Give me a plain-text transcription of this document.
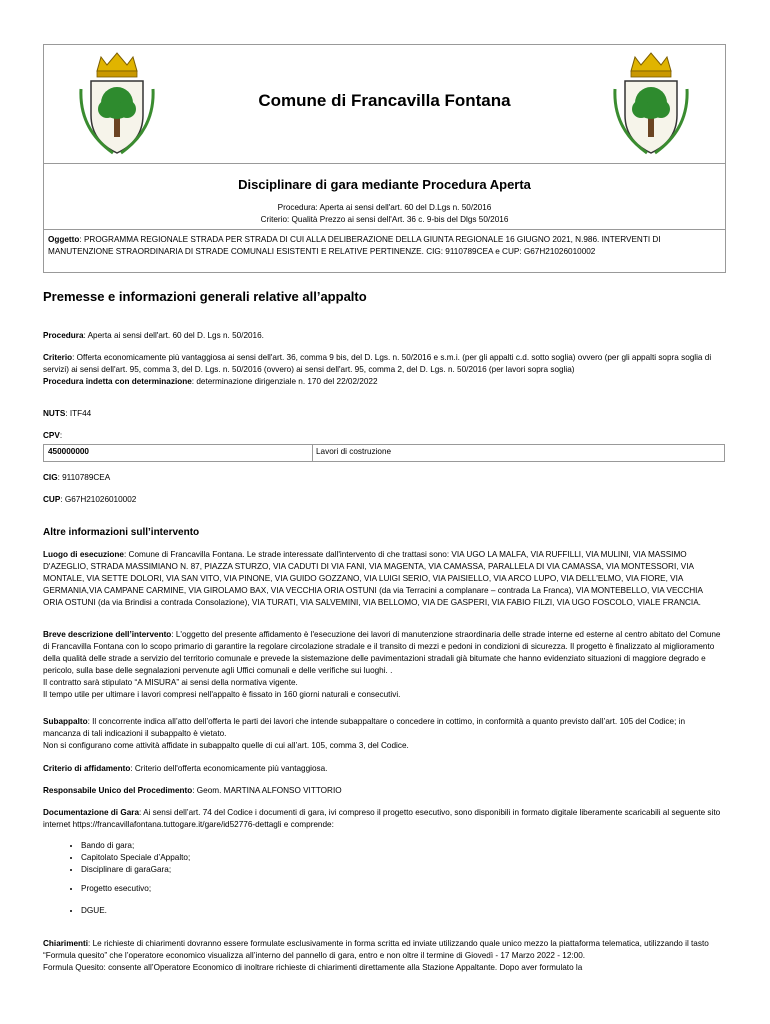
Comune di Francavilla Fontana
Disciplinare di gara mediante Procedura Aperta
Procedura: Aperta ai sensi dell'art. 60 del D.Lgs n. 50/2016
Criterio: Qualità Prezzo ai sensi dell'Art. 36 c. 9-bis del Dlgs 50/2016
Oggetto: PROGRAMMA REGIONALE STRADA PER STRADA DI CUI ALLA DELIBERAZIONE DELLA GIUNTA REGIONALE 16 GIUGNO 2021, N.986. INTERVENTI DI MANUTENZIONE STRAORDINARIA DI STRADE COMUNALI ESISTENTI E RELATIVE PERTINENZE. CIG: 9110789CEA e CUP: G67H21026010002
Premesse e informazioni generali relative all’appalto
Procedura: Aperta ai sensi dell'art. 60 del D. Lgs n. 50/2016.
Criterio: Offerta economicamente più vantaggiosa ai sensi dell'art. 36, comma 9 bis, del D. Lgs. n. 50/2016 e s.m.i. (per gli appalti c.d. sotto soglia) ovvero (per gli appalti sopra soglia di servizi) ai sensi dell'art. 95, comma 3, del D. Lgs. n. 50/2016 (ovvero) ai sensi dell'art. 95, comma 2, del D. Lgs. n. 50/2016 (per lavori sopra soglia)
Procedura indetta con determinazione: determinazione dirigenziale n. 170 del 22/02/2022
NUTS: ITF44
CPV:
450000000	Lavori di costruzione
CIG: 9110789CEA
CUP: G67H21026010002
Altre informazioni sull’intervento
Luogo di esecuzione: Comune di Francavilla Fontana. Le strade interessate dall'intervento di che trattasi sono: VIA UGO LA MALFA, VIA RUFFILLI, VIA MULINI, VIA MASSIMO D'AZEGLIO, STRADA MASSIMIANO N. 87, PIAZZA STURZO, VIA CADUTI DI VIA FANI, VIA MAGENTA, VIA CAMASSA, PARALLELA DI VIA CAMASSA, VIA MONTESSORI, VIA MONTALE, VIA SETTE DOLORI, VIA SAN VITO, VIA PINONE, VIA GUIDO GOZZANO, VIA LUIGI SERIO, VIA PAISIELLO, VIA ARCO LUPO, VIA DELL'ELMO, VIA FIORE, VIA GERMANIA,VIA CAMPANE CARMINE, VIA GIROLAMO BAX, VIA VECCHIA ORIA OSTUNI (da via Terracini a complanare – contrada La Franca), VIA MONTEBELLO, VIA VECCHIA ORIA OSTUNI (da via Brindisi a contrada Consolazione), VIA TURATI, VIA SALVEMINI, VIA BELLOMO, VIA DE GASPERI, VIA FABIO FILZI, VIA UGO FOSCOLO, VIALE FRANCIA.
Breve descrizione dell’intervento: L'oggetto del presente affidamento è l'esecuzione dei lavori di manutenzione straordinaria delle strade interne ed esterne al centro abitato del Comune di Francavilla Fontana con lo scopo primario di garantire la regolare circolazione stradale e il transito di mezzi e pedoni in condizioni di sicurezza. Il progetto è finalizzato al miglioramento della qualità delle strade a servizio del territorio comunale e prevede la sistemazione delle pavimentazioni stradali già bitumate che hanno evidenziato situazioni di maggiore degrado e pericolo, sulla base delle segnalazioni pervenute agli Uffici comunali e delle verifiche sui luoghi. .
Il contratto sarà stipulato “A MISURA” ai sensi della normativa vigente.
Il tempo utile per ultimare i lavori compresi nell'appalto è fissato in 160 giorni naturali e consecutivi.
Subappalto: Il concorrente indica all’atto dell’offerta le parti dei lavori che intende subappaltare o concedere in cottimo, in conformità a quanto previsto dall’art. 105 del Codice; in mancanza di tali indicazioni il subappalto è vietato.
Non si configurano come attività affidate in subappalto quelle di cui all’art. 105, comma 3, del Codice.
Criterio di affidamento: Criterio dell'offerta economicamente più vantaggiosa.
Responsabile Unico del Procedimento: Geom. MARTINA ALFONSO VITTORIO
Documentazione di Gara: Ai sensi dell’art. 74 del Codice i documenti di gara, ivi compreso il progetto esecutivo, sono disponibili in formato digitale liberamente scaricabili al seguente sito internet https://francavillafontana.tuttogare.it/gare/id52776-dettagli e comprende:
• Bando di gara;
• Capitolato Speciale d’Appalto;
• Disciplinare di garaGara;
• Progetto esecutivo;
• DGUE.
Chiarimenti: Le richieste di chiarimenti dovranno essere formulate esclusivamente in forma scritta ed inviate utilizzando quale unico mezzo la piattaforma telematica, utilizzando il tasto “Formula quesito” che l’operatore economico visualizza all’interno del pannello di gara, entro e non oltre il termine di Giovedì - 17 Marzo 2022 - 12:00.
Formula Quesito: consente all’Operatore Economico di inoltrare richieste di chiarimenti direttamente alla Stazione Appaltante. Dopo aver formulato la
